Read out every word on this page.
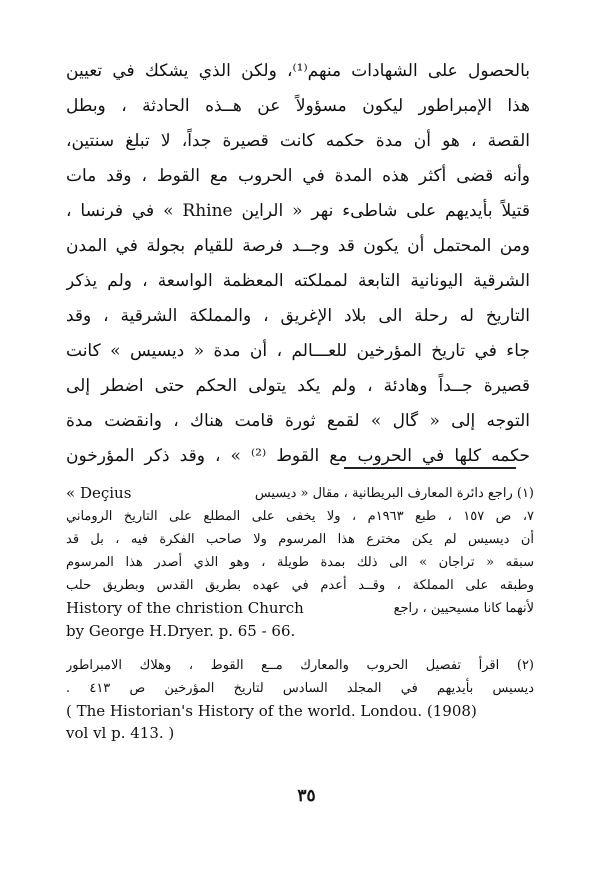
بالحصول على الشهادات منهم⁽¹⁾، ولكن الذي يشكك في تعيين
هذا الإمبراطور ليكون مسؤولاً عن هــذه الحادثة ، وبطل
القصة ، هو أن مدة حكمه كانت قصيرة جداً، لا تبلغ سنتين،
وأنه قضى أكثر هذه المدة في الحروب مع القوط ، وقد مات
قتيلاً بأيديهم على شاطىء نهر « الراين Rhine » في فرنسا ،
ومن المحتمل أن يكون قد وجــد فرصة للقيام بجولة في المدن
الشرقية اليونانية التابعة لمملكته المعظمة الواسعة ، ولم يذكر
التاريخ له رحلة الى بلاد الإغريق ، والمملكة الشرقية ، وقد
جاء في تاريخ المؤرخين للعـــالم ، أن مدة « ديسيس » كانت
قصيرة جــداً وهادئة ، ولم يكد يتولى الحكم حتى اضطر إلى
التوجه إلى « گال » لقمع ثورة قامت هناك ، وانقضت مدة
حكمه كلها في الحروب مع القوط ⁽²⁾ » ، وقد ذكر المؤرخون
« Deçius	(١) راجع دائرة المعارف البريطانية ، مقال « ديسيس
٧، ص ١٥٧ ، طبع ١٩٦٣م ، ولا يخفى على المطلع على التاريخ الروماني
أن ديسيس لم يكن مخترع هذا المرسوم ولا صاحب الفكرة فيه ، بل قد
سبقه « تراجان » الى ذلك بمدة طويلة ، وهو الذي أصدر هذا المرسوم
وطبقه على المملكة ، وقــد أعدم في عهده بطريق القدس وبطريق حلب
History of the christion Church	لأنهما كانا مسيحيين ، راجع
by George H.Dryer. p. 65 - 66.
(٢) اقرأ تفصيل الحروب والمعارك مــع القوط ، وهلاك الامبراطور
ديسيس بأيديهم في المجلد السادس لتاريخ المؤرخين ص ٤١٣ .
( The Historian's History of the world. Londou. (1908)
vol vl p. 413. )
٣٥
